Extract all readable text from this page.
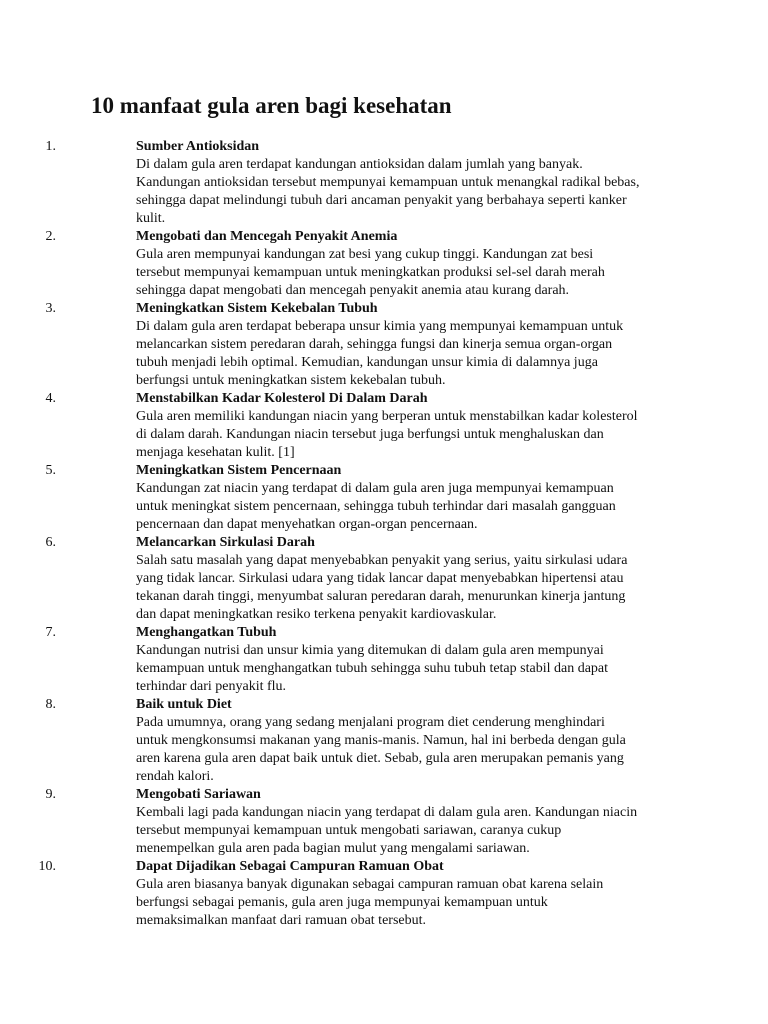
10 manfaat gula aren bagi kesehatan
1.	Sumber Antioksidan
Di dalam gula aren terdapat kandungan antioksidan dalam jumlah yang banyak.
Kandungan antioksidan tersebut mempunyai kemampuan untuk menangkal radikal bebas,
sehingga dapat melindungi tubuh dari ancaman penyakit yang berbahaya seperti kanker
kulit.
2.	Mengobati dan Mencegah Penyakit Anemia
Gula aren mempunyai kandungan zat besi yang cukup tinggi. Kandungan zat besi
tersebut mempunyai kemampuan untuk meningkatkan produksi sel-sel darah merah
sehingga dapat mengobati dan mencegah penyakit anemia atau kurang darah.
3.	Meningkatkan Sistem Kekebalan Tubuh
Di dalam gula aren terdapat beberapa unsur kimia yang mempunyai kemampuan untuk
melancarkan sistem peredaran darah, sehingga fungsi dan kinerja semua organ-organ
tubuh menjadi lebih optimal. Kemudian, kandungan unsur kimia di dalamnya juga
berfungsi untuk meningkatkan sistem kekebalan tubuh.
4.	Menstabilkan Kadar Kolesterol Di Dalam Darah
Gula aren memiliki kandungan niacin yang berperan untuk menstabilkan kadar kolesterol
di dalam darah. Kandungan niacin tersebut juga berfungsi untuk menghaluskan dan
menjaga kesehatan kulit. [1]
5.	Meningkatkan Sistem Pencernaan
Kandungan zat niacin yang terdapat di dalam gula aren juga mempunyai kemampuan
untuk meningkat sistem pencernaan, sehingga tubuh terhindar dari masalah gangguan
pencernaan dan dapat menyehatkan organ-organ pencernaan.
6.	Melancarkan Sirkulasi Darah
Salah satu masalah yang dapat menyebabkan penyakit yang serius, yaitu sirkulasi udara
yang tidak lancar. Sirkulasi udara yang tidak lancar dapat menyebabkan hipertensi atau
tekanan darah tinggi, menyumbat saluran peredaran darah, menurunkan kinerja jantung
dan dapat meningkatkan resiko terkena penyakit kardiovaskular.
7.	Menghangatkan Tubuh
Kandungan nutrisi dan unsur kimia yang ditemukan di dalam gula aren mempunyai
kemampuan untuk menghangatkan tubuh sehingga suhu tubuh tetap stabil dan dapat
terhindar dari penyakit flu.
8.	Baik untuk Diet
Pada umumnya, orang yang sedang menjalani program diet cenderung menghindari
untuk mengkonsumsi makanan yang manis-manis. Namun, hal ini berbeda dengan gula
aren karena gula aren dapat baik untuk diet. Sebab, gula aren merupakan pemanis yang
rendah kalori.
9.	Mengobati Sariawan
Kembali lagi pada kandungan niacin yang terdapat di dalam gula aren. Kandungan niacin
tersebut mempunyai kemampuan untuk mengobati sariawan, caranya cukup
menempelkan gula aren pada bagian mulut yang mengalami sariawan.
10.	Dapat Dijadikan Sebagai Campuran Ramuan Obat
Gula aren biasanya banyak digunakan sebagai campuran ramuan obat karena selain
berfungsi sebagai pemanis, gula aren juga mempunyai kemampuan untuk
memaksimalkan manfaat dari ramuan obat tersebut.
